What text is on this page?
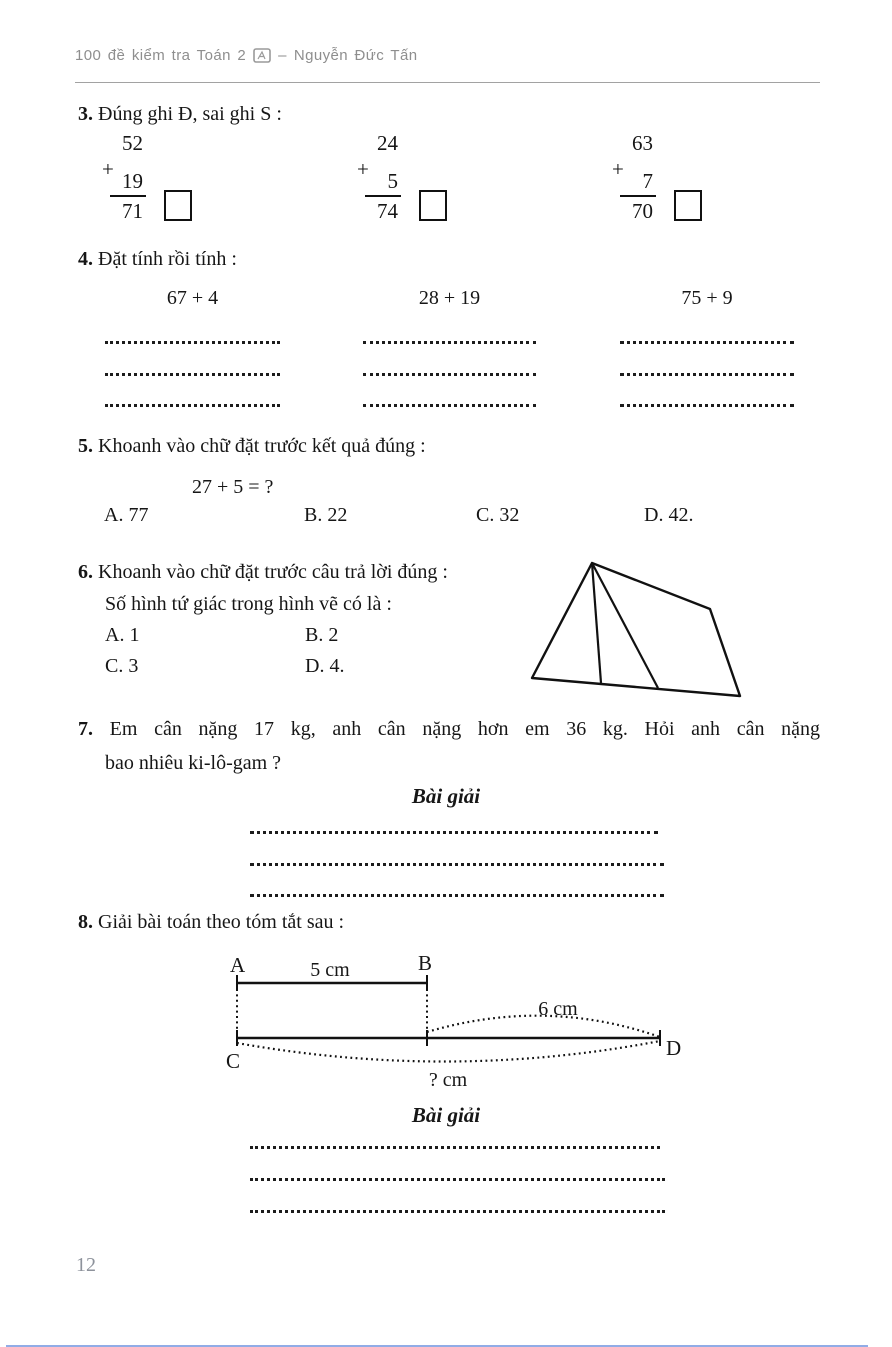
100 đề kiểm tra Toán 2 – Nguyễn Đức Tấn
3. Đúng ghi Đ, sai ghi S :
52
+ 19
71
24
+ 5
74
63
+ 7
70
4. Đặt tính rồi tính :
67 + 4	28 + 19	75 + 9
5. Khoanh vào chữ đặt trước kết quả đúng :
27 + 5 = ?
A. 77	B. 22	C. 32	D. 42.
6. Khoanh vào chữ đặt trước câu trả lời đúng :
Số hình tứ giác trong hình vẽ có là :
A. 1	B. 2
C. 3	D. 4.
7. Em cân nặng 17 kg, anh cân nặng hơn em 36 kg. Hỏi anh cân nặng
bao nhiêu ki-lô-gam ?
Bài giải
8. Giải bài toán theo tóm tắt sau :
A	5 cm	B
6 cm
C
D
? cm
Bài giải
12
